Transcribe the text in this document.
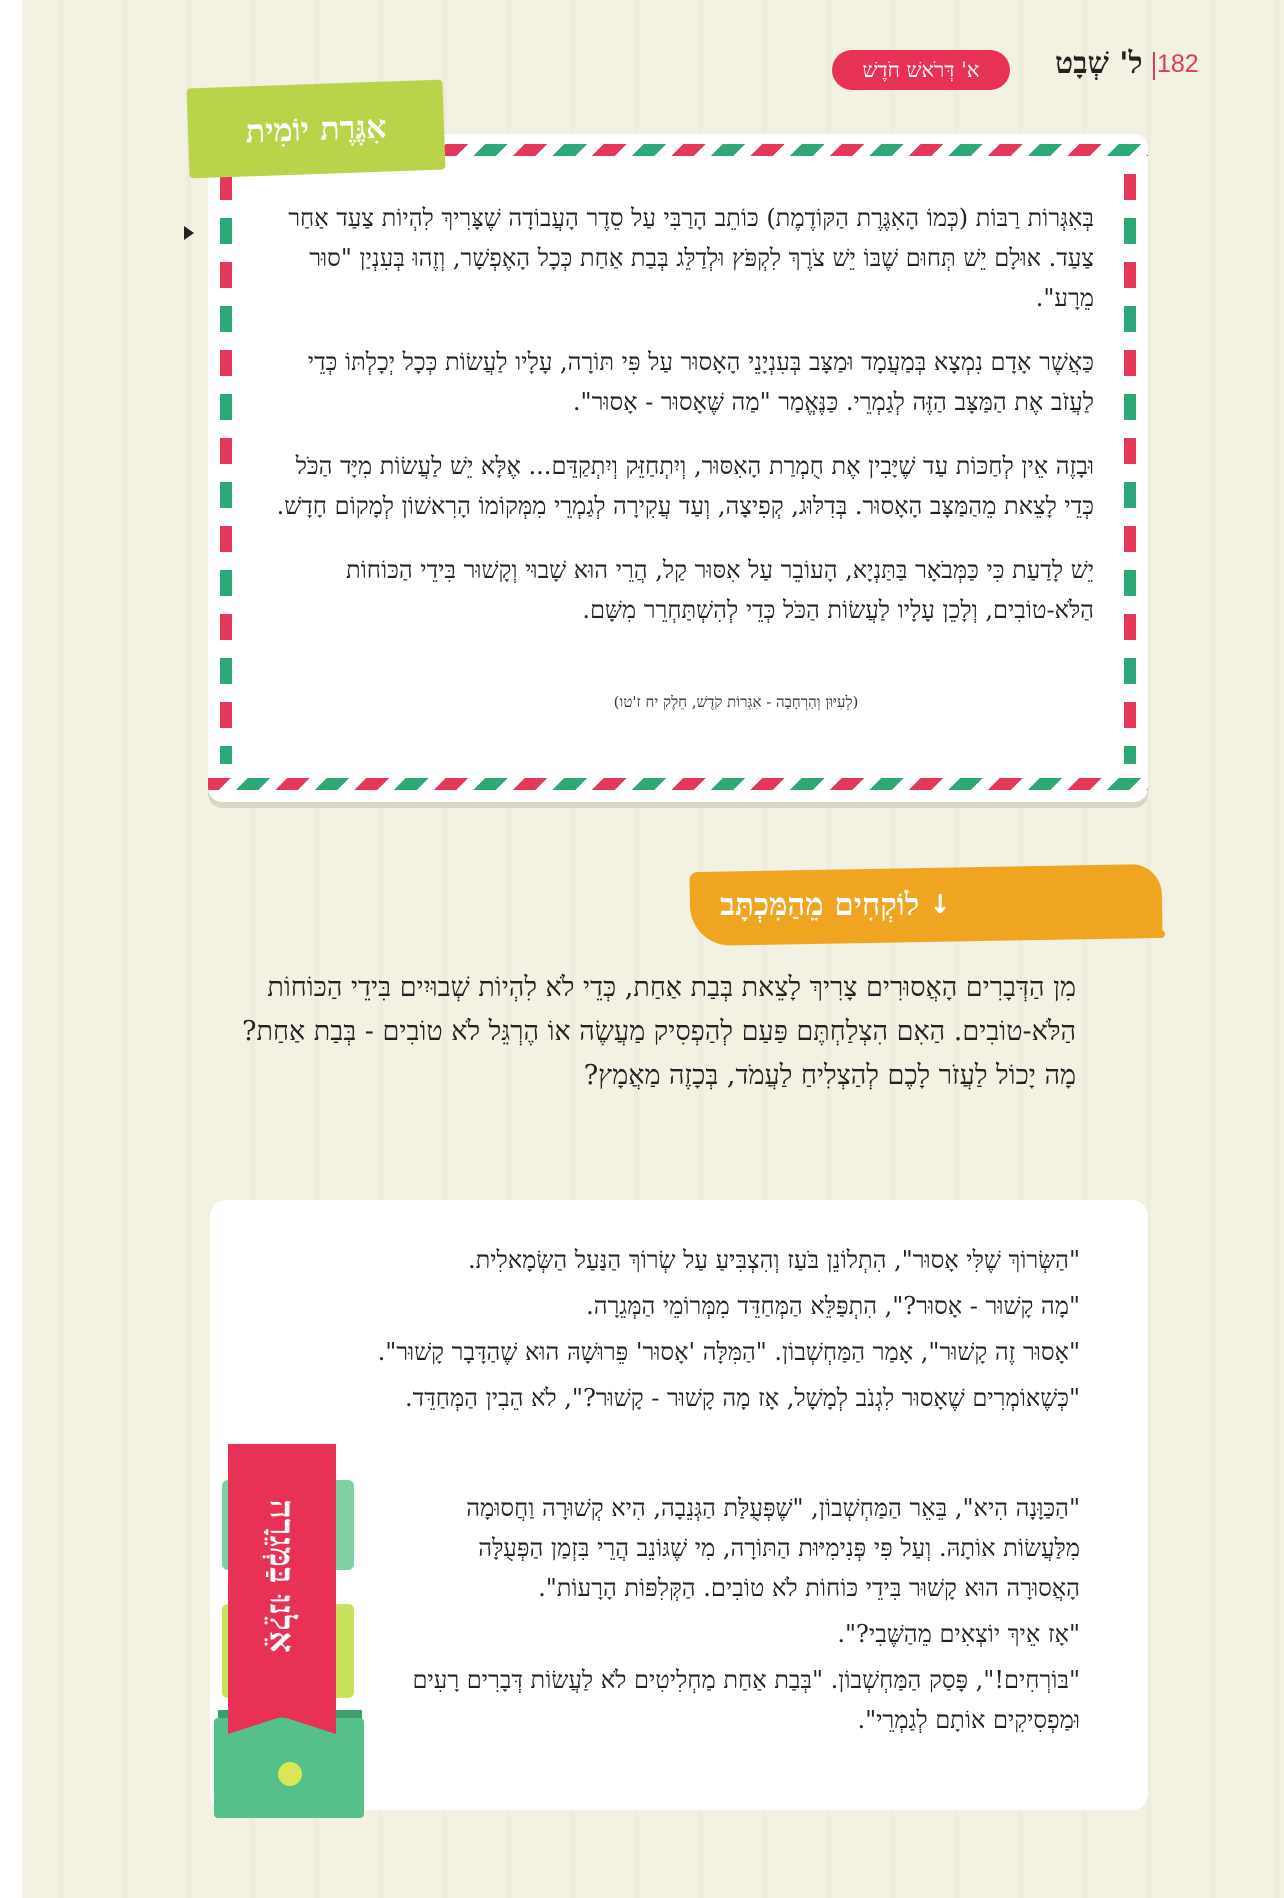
182
ל' שְׁבָט
א' דְּרֹאשׁ חֹדֶשׁ
אִגֶּרֶת יוֹמִית

בְּאִגְּרוֹת רַבּוֹת (כְּמוֹ הָאִגֶּרֶת הַקּוֹדֶמֶת) כּוֹתֵב הָרַבִּי עַל סֵדֶר הָעֲבוֹדָה שֶׁצָּרִיךְ לִהְיוֹת צַעַד אַחַר צַעַד. אוּלָם יֵשׁ תְּחוּם שֶׁבּוֹ יֵשׁ צֹרֶךְ לִקְפֹּץ וּלְדַלֵּג בְּבַת אַחַת כְּכָל הָאֶפְשָׁר, וְזֶהוּ בְּעִנְיַן "סוּר מֵרָע".

כַּאֲשֶׁר אָדָם נִמְצָא בְּמַעֲמָד וּמַצָּב בְּעִנְיָנֵי הָאָסוּר עַל פִּי תּוֹרָה, עָלָיו לַעֲשׂוֹת כְּכָל יְכָלְתּוֹ כְּדֵי לַעֲזֹב אֶת הַמַּצָּב הַזֶּה לְגַמְרֵי. כַּנֶּאֱמַר "מַה שֶּׁאָסוּר - אָסוּר".

וּבָזֶה אֵין לְחַכּוֹת עַד שֶׁיָּבִין אֶת חֻמְרַת הָאִסּוּר, וְיִתְחַזֵּק וְיִתְקַדֵּם... אֶלָּא יֵשׁ לַעֲשׂוֹת מִיָּד הַכֹּל כְּדֵי לָצֵאת מֵהַמַּצָּב הָאָסוּר. בְּדִלּוּג, קְפִיצָה, וְעַד עֲקִירָה לְגַמְרֵי מִמְּקוֹמוֹ הָרִאשׁוֹן לְמָקוֹם חָדָשׁ.

יֵשׁ לָדַעַת כִּי כַּמְּבֹאָר בַּתַּנְיָא, הָעוֹבֵר עַל אִסּוּר קַל, הֲרֵי הוּא שָׁבוּי וְקָשׁוּר בִּידֵי הַכּוֹחוֹת הַלֹּא-טוֹבִים, וְלָכֵן עָלָיו לַעֲשׂוֹת הַכֹּל כְּדֵי לְהִשְׁתַּחְרֵר מִשָּׁם.

(לְעִיּוּן וְהַרְחָבָה - אִגְּרוֹת קֹדֶשׁ, חֵלֶק יח ז'טו)
↓
לוֹקְחִים מֵהַמִּכְתָּב
מִן הַדְּבָרִים הָאֲסוּרִים צָרִיךְ לָצֵאת בְּבַת אַחַת, כְּדֵי לֹא לִהְיוֹת שְׁבוּיִים בִּידֵי הַכּוֹחוֹת הַלֹּא-טוֹבִים. הַאִם הִצְלַחְתֶּם פַּעַם לְהַפְסִיק מַעֲשֶׂה אוֹ הֶרְגֵּל לֹא טוֹבִים - בְּבַת אַחַת? מָה יָכוֹל לַעֲזֹר לָכֶם לְהַצְלִיחַ לַעֲמֹד, בְּכָזֶה מַאֲמָץ?

"הַשְּׂרוֹךְ שֶׁלִּי אָסוּר", הִתְלוֹנֵן בֹּעַז וְהִצְבִּיעַ עַל שְׂרוֹךְ הַנַּעַל הַשְּׂמָאלִית.

"מָה קָשׁוּר - אָסוּר?", הִתְפַּלֵּא הַמְּחַדֵּד מִמְּרוֹמֵי הַמְּגֵרָה.

"אָסוּר זֶה קָשׁוּר", אָמַר הַמַּחְשְׁבוֹן. "הַמִּלָּה 'אָסוּר' פֵּרוּשָׁהּ הוּא שֶׁהַדָּבָר קָשׁוּר".

"כְּשֶׁאוֹמְרִים שֶׁאָסוּר לִגְנֹב לְמָשָׁל, אָז מָה קָשׁוּר - קָשׁוּר?", לֹא הֵבִין הַמְּחַדֵּד.

"הַכַּוָּנָה הִיא", בֵּאֵר הַמַּחְשְׁבוֹן, "שֶׁפְּעֻלַּת הַגְּנֵבָה, הִיא קְשׁוּרָה וַחֲסוּמָה מִלַּעֲשׂוֹת אוֹתָהּ. וְעַל פִּי פְּנִימִיּוּת הַתּוֹרָה, מִי שֶׁגּוֹנֵב הֲרֵי בִּזְמַן הַפְּעֻלָּה הָאֲסוּרָה הוּא קָשׁוּר בִּידֵי כּוֹחוֹת לֹא טוֹבִים. הַקְּלִפּוֹת הָרָעוֹת".

"אָז אֵיךְ יוֹצְאִים מֵהַשֶּׁבִי?".

"בּוֹרְחִים!", פָּסַק הַמַּחְשְׁבוֹן. "בְּבַת אַחַת מַחְלִיטִים לֹא לַעֲשׂוֹת דְּבָרִים רָעִים וּמַפְסִיקִים אוֹתָם לְגַמְרֵי".

אֵלֵנוּ בַּמְּגֵרָה
